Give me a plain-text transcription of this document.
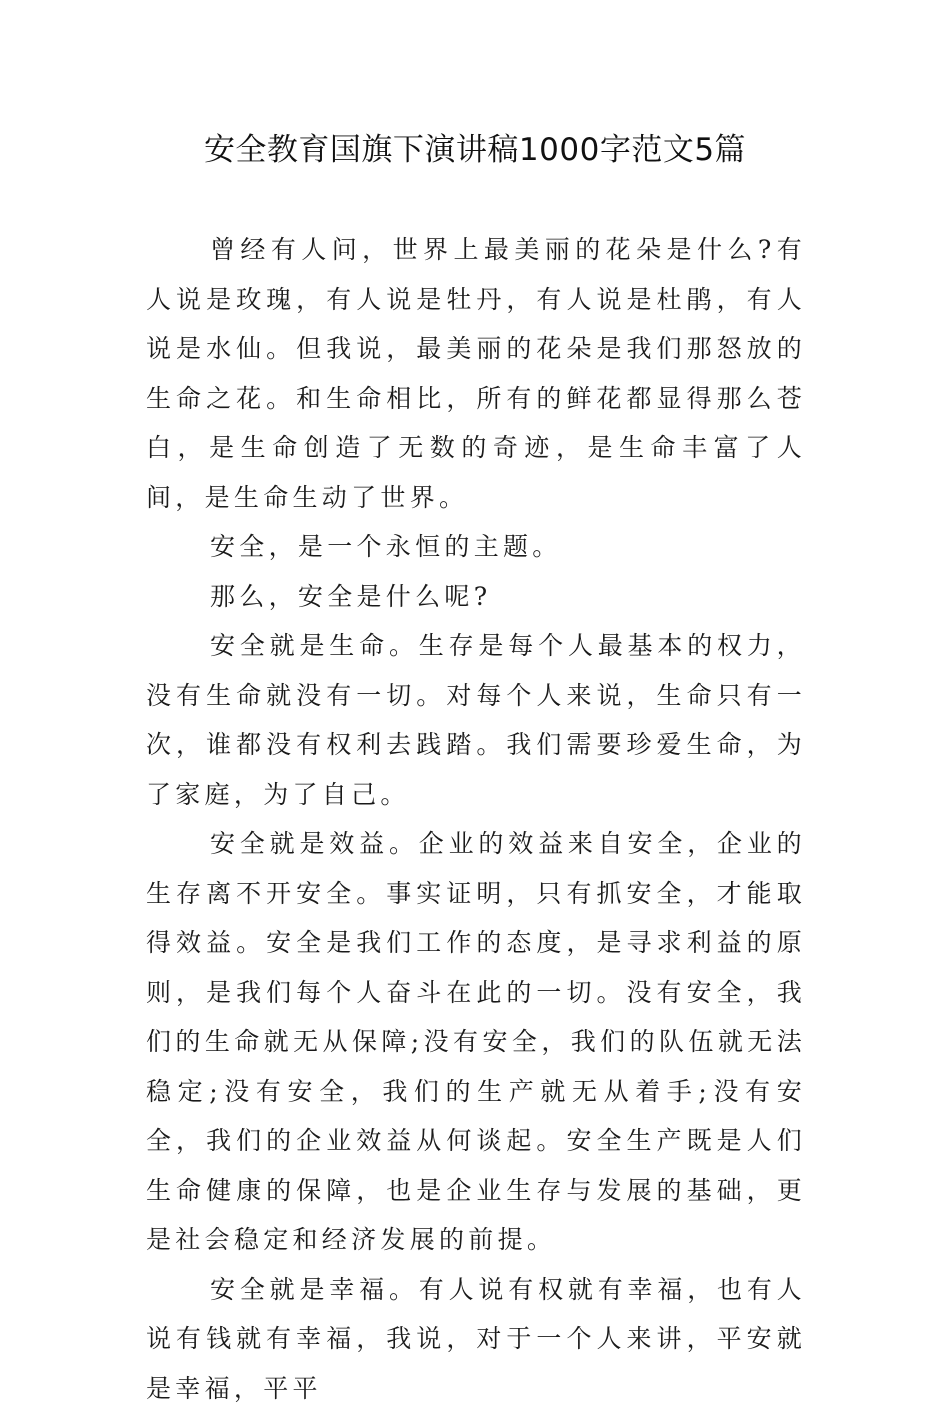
安全教育国旗下演讲稿1000字范文5篇

曾经有人问，世界上最美丽的花朵是什么?有人说是玫瑰，有人说是牡丹，有人说是杜鹃，有人说是水仙。但我说，最美丽的花朵是我们那怒放的生命之花。和生命相比，所有的鲜花都显得那么苍白，是生命创造了无数的奇迹，是生命丰富了人间，是生命生动了世界。

安全，是一个永恒的主题。

那么，安全是什么呢?

安全就是生命。生存是每个人最基本的权力，没有生命就没有一切。对每个人来说，生命只有一次，谁都没有权利去践踏。我们需要珍爱生命，为了家庭，为了自己。

安全就是效益。企业的效益来自安全，企业的生存离不开安全。事实证明，只有抓安全，才能取得效益。安全是我们工作的态度，是寻求利益的原则，是我们每个人奋斗在此的一切。没有安全，我们的生命就无从保障;没有安全，我们的队伍就无法稳定;没有安全，我们的生产就无从着手;没有安全，我们的企业效益从何谈起。安全生产既是人们生命健康的保障，也是企业生存与发展的基础，更是社会稳定和经济发展的前提。

安全就是幸福。有人说有权就有幸福，也有人说有钱就有幸福，我说，对于一个人来讲，平安就是幸福，平平
